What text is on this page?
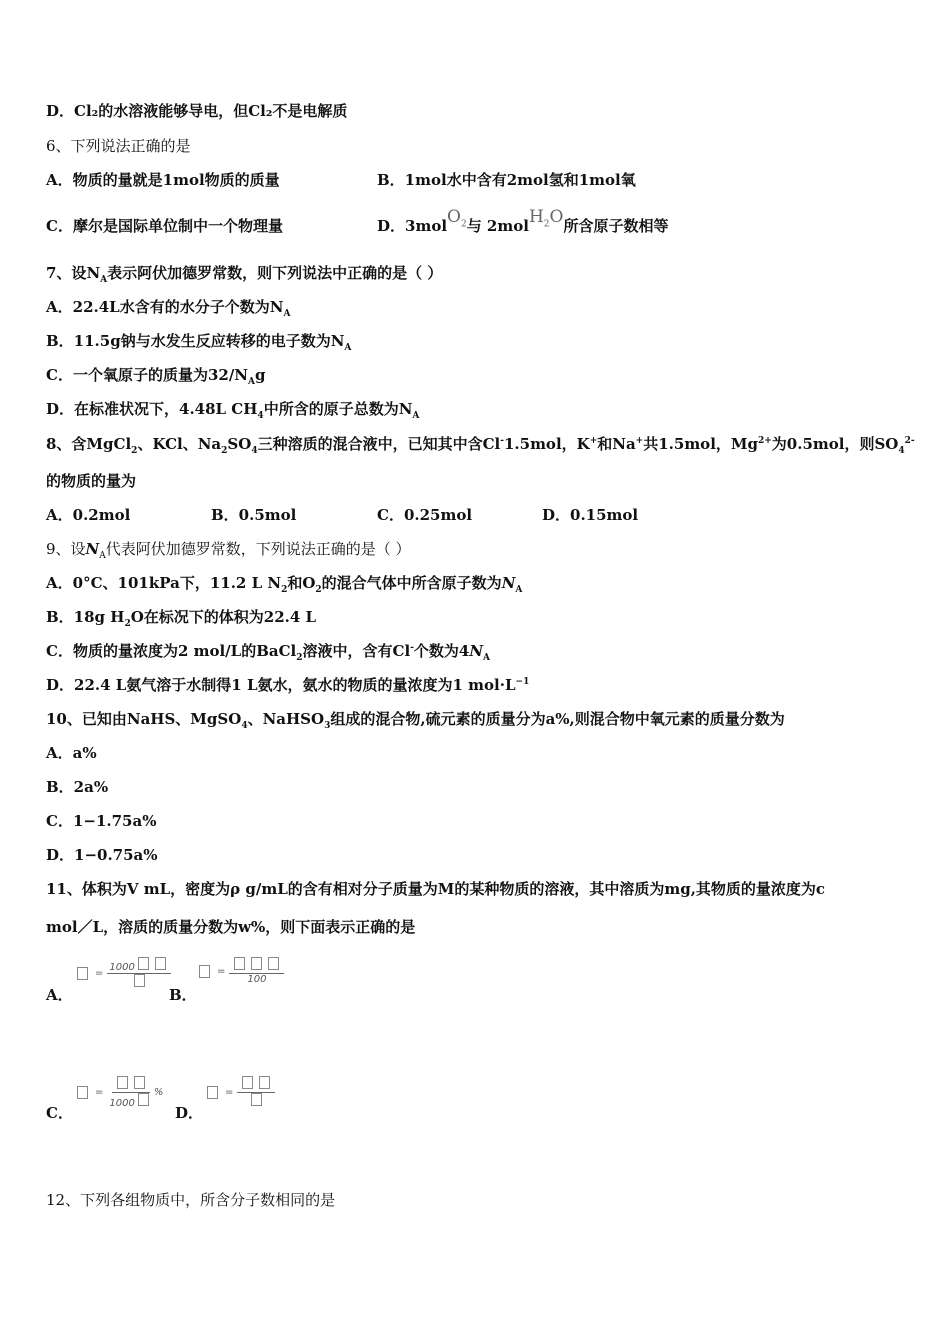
D．Cl₂的水溶液能够导电，但Cl₂不是电解质
6、下列说法正确的是
A．物质的量就是1mol物质的质量	B．1mol水中含有2mol氢和1mol氧
C．摩尔是国际单位制中一个物理量	D．3molO$_2$与 2molH$_2$O所含原子数相等
7、设$N_A$表示阿伏加德罗常数，则下列说法中正确的是（ ）
A．22.4L水含有的水分子个数为$N_A$
B．11.5g钠与水发生反应转移的电子数为$N_A$
C．一个氧原子的质量为$32/N_Ag$
D．在标准状况下，4.48L $CH_4$中所含的原子总数为$N_A$
8、含MgCl$_2$、KCl、$Na_2SO_4$三种溶质的混合液中，已知其中含Cl-1.5mol，K+和Na+共1.5mol，$Mg^{2+}$为0.5mol，则$SO_4^{2-}$
的物质的量为
A．0.2mol	B．0.5mol	C．0.25mol	D．0.15mol
9、设$N_A$代表阿伏加德罗常数，下列说法正确的是（ ）
A．0°C、101kPa下，11.2 L $N_2$和$O_2$的混合气体中所含原子数为$N_A$
B．18g $H_2O$在标况下的体积为22.4 L
C．物质的量浓度为2 mol/L的BaCl$_2$溶液中，含有Cl-个数为$4N_A$
D．22.4 L氨气溶于水制得1 L氨水，氨水的物质的量浓度为1 $mol\cdot L^{-1}$
10、已知由NaHS、MgSO$_4$、NaHSO$_3$组成的混合物,硫元素的质量分为a%,则混合物中氧元素的质量分数为
A．a%
B．2a%
C．1−1.75a%
D．1−0.75a%
11、体积为V mL，密度为ρ g/mL的含有相对分子质量为M的某种物质的溶液，其中溶质为mg,其物质的量浓度为c
mol／L，溶质的质量分数为w%，则下面表示正确的是
A．
=
1000
B．
=
100
C．
=
1000
%
D．
=
12、下列各组物质中，所含分子数相同的是
